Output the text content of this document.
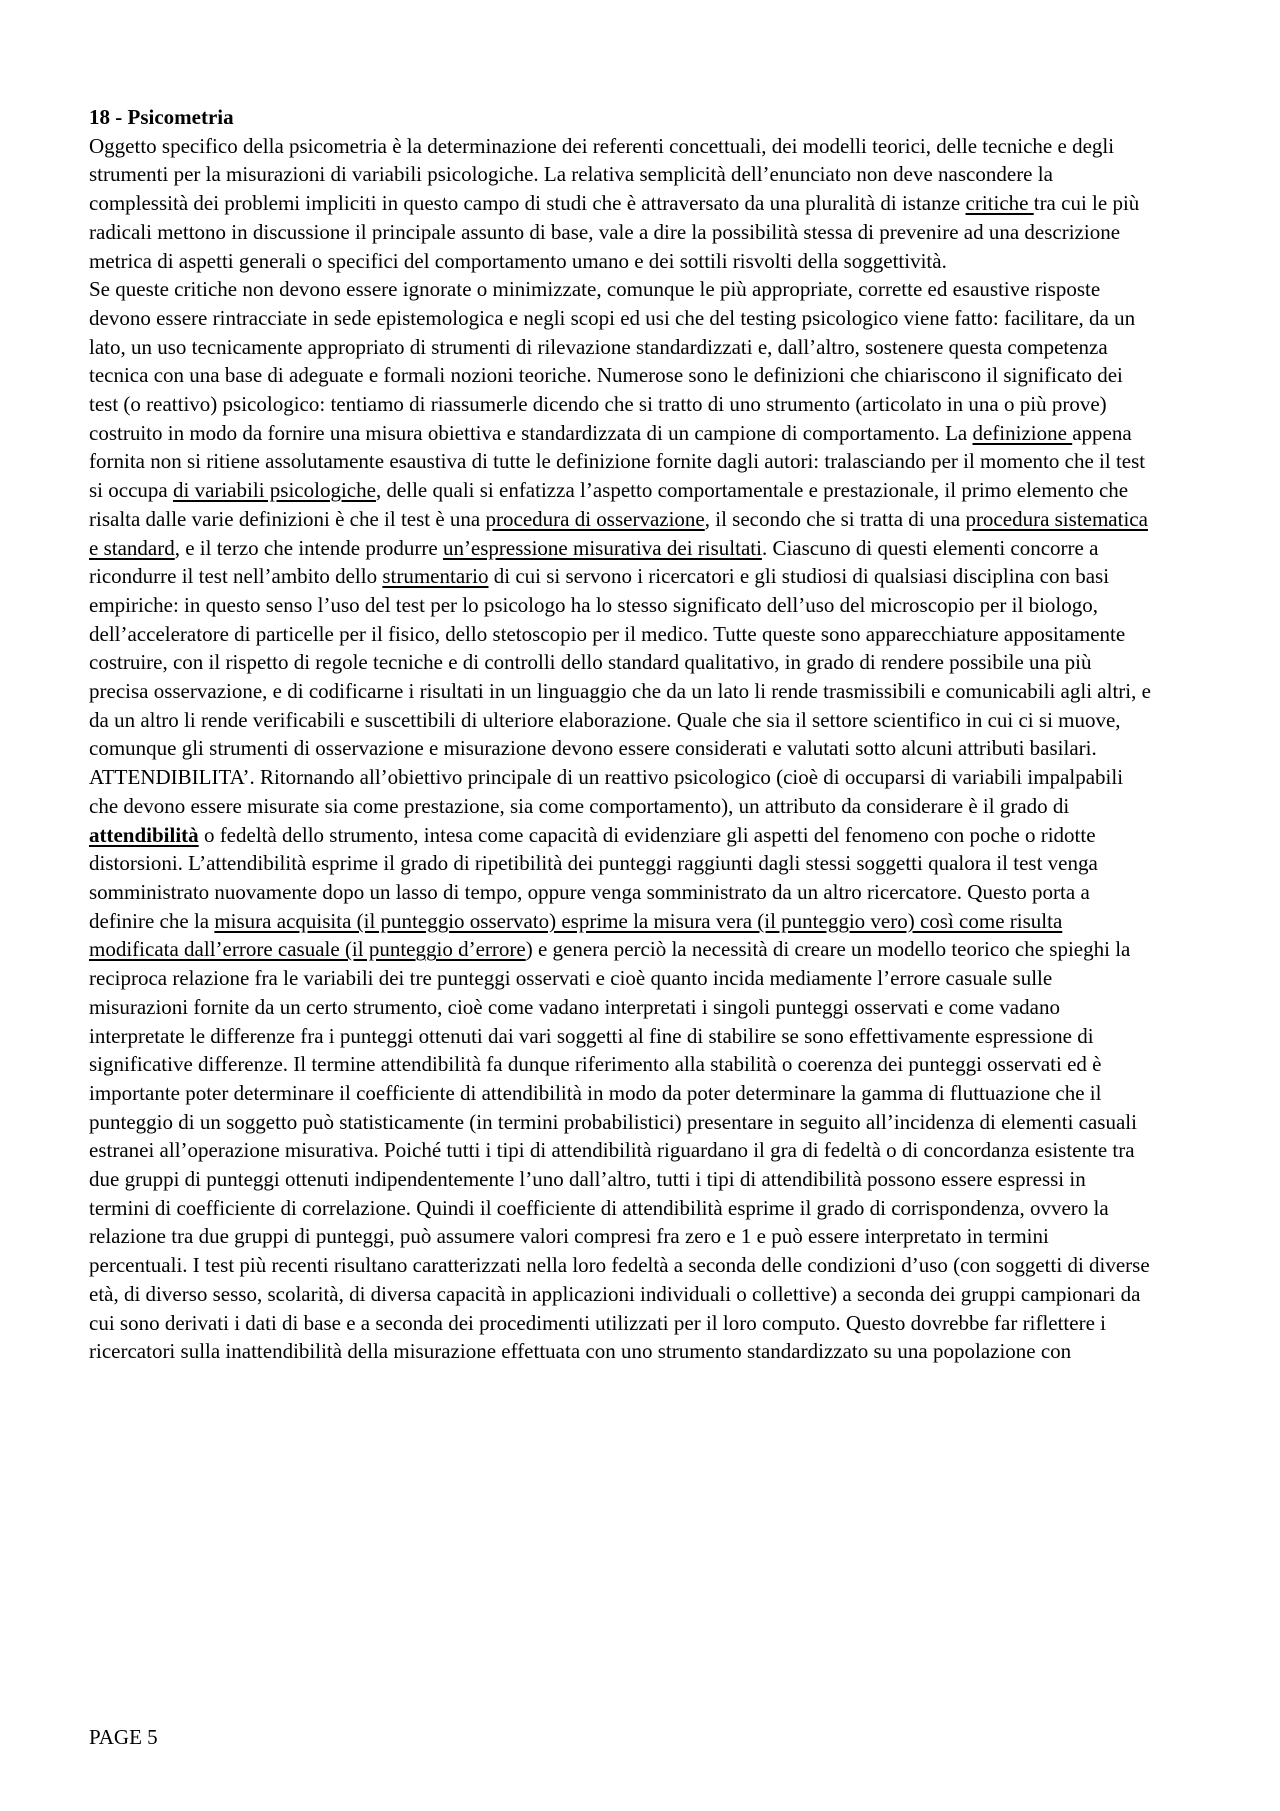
18 - Psicometria

Oggetto specifico della psicometria è la determinazione dei referenti concettuali, dei modelli teorici, delle tecniche e degli strumenti per la misurazioni di variabili psicologiche. La relativa semplicità dell’enunciato non deve nascondere la complessità dei problemi impliciti in questo campo di studi che è attraversato da una pluralità di istanze critiche tra cui le più radicali mettono in discussione il principale assunto di base, vale a dire la possibilità stessa di prevenire ad una descrizione metrica di aspetti generali o specifici del comportamento umano e dei sottili risvolti della soggettività.

Se queste critiche non devono essere ignorate o minimizzate, comunque le più appropriate, corrette ed esaustive risposte devono essere rintracciate in sede epistemologica e negli scopi ed usi che del testing psicologico viene fatto: facilitare, da un lato, un uso tecnicamente appropriato di strumenti di rilevazione standardizzati e, dall’altro, sostenere questa competenza tecnica con una base di adeguate e formali nozioni teoriche. Numerose sono le definizioni che chiariscono il significato dei test (o reattivo) psicologico: tentiamo di riassumerle dicendo che si tratto di uno strumento (articolato in una o più prove) costruito in modo da fornire una misura obiettiva e standardizzata di un campione di comportamento. La definizione appena fornita non si ritiene assolutamente esaustiva di tutte le definizione fornite dagli autori: tralasciando per il momento che il test si occupa di variabili psicologiche, delle quali si enfatizza l’aspetto comportamentale e prestazionale, il primo elemento che risalta dalle varie definizioni è che il test è una procedura di osservazione, il secondo che si tratta di una procedura sistematica e standard, e il terzo che intende produrre un’espressione misurativa dei risultati. Ciascuno di questi elementi concorre a ricondurre il test nell’ambito dello strumentario di cui si servono i ricercatori e gli studiosi di qualsiasi disciplina con basi empiriche: in questo senso l’uso del test per lo psicologo ha lo stesso significato dell’uso del microscopio per il biologo, dell’acceleratore di particelle per il fisico, dello stetoscopio per il medico. Tutte queste sono apparecchiature appositamente costruire, con il rispetto di regole tecniche e di controlli dello standard qualitativo, in grado di rendere possibile una più precisa osservazione, e di codificarne i risultati in un linguaggio che da un lato li rende trasmissibili e comunicabili agli altri, e da un altro li rende verificabili e suscettibili di ulteriore elaborazione. Quale che sia il settore scientifico in cui ci si muove, comunque gli strumenti di osservazione e misurazione devono essere considerati e valutati sotto alcuni attributi basilari.

ATTENDIBILITA’. Ritornando all’obiettivo principale di un reattivo psicologico (cioè di occuparsi di variabili impalpabili che devono essere misurate sia come prestazione, sia come comportamento), un attributo da considerare è il grado di attendibilità o fedeltà dello strumento, intesa come capacità di evidenziare gli aspetti del fenomeno con poche o ridotte distorsioni. L’attendibilità esprime il grado di ripetibilità dei punteggi raggiunti dagli stessi soggetti qualora il test venga somministrato nuovamente dopo un lasso di tempo, oppure venga somministrato da un altro ricercatore. Questo porta a definire che la misura acquisita (il punteggio osservato) esprime la misura vera (il punteggio vero) così come risulta modificata dall’errore casuale (il punteggio d’errore) e genera perciò la necessità di creare un modello teorico che spieghi la reciproca relazione fra le variabili dei tre punteggi osservati e cioè quanto incida mediamente l’errore casuale sulle misurazioni fornite da un certo strumento, cioè come vadano interpretati i singoli punteggi osservati e come vadano interpretate le differenze fra i punteggi ottenuti dai vari soggetti al fine di stabilire se sono effettivamente espressione di significative differenze. Il termine attendibilità fa dunque riferimento alla stabilità o coerenza dei punteggi osservati ed è importante poter determinare il coefficiente di attendibilità in modo da poter determinare la gamma di fluttuazione che il punteggio di un soggetto può statisticamente (in termini probabilistici) presentare in seguito all’incidenza di elementi casuali estranei all’operazione misurativa. Poiché tutti i tipi di attendibilità riguardano il gra di fedeltà o di concordanza esistente tra due gruppi di punteggi ottenuti indipendentemente l’uno dall’altro, tutti i tipi di attendibilità possono essere espressi in termini di coefficiente di correlazione. Quindi il coefficiente di attendibilità esprime il grado di corrispondenza, ovvero la relazione tra due gruppi di punteggi, può assumere valori compresi fra zero e 1 e può essere interpretato in termini percentuali. I test più recenti risultano caratterizzati nella loro fedeltà a seconda delle condizioni d’uso (con soggetti di diverse età, di diverso sesso, scolarità, di diversa capacità in applicazioni individuali o collettive) a seconda dei gruppi campionari da cui sono derivati i dati di base e a seconda dei procedimenti utilizzati per il loro computo. Questo dovrebbe far riflettere i ricercatori sulla inattendibilità della misurazione effettuata con uno strumento standardizzato su una popolazione con

PAGE 5
